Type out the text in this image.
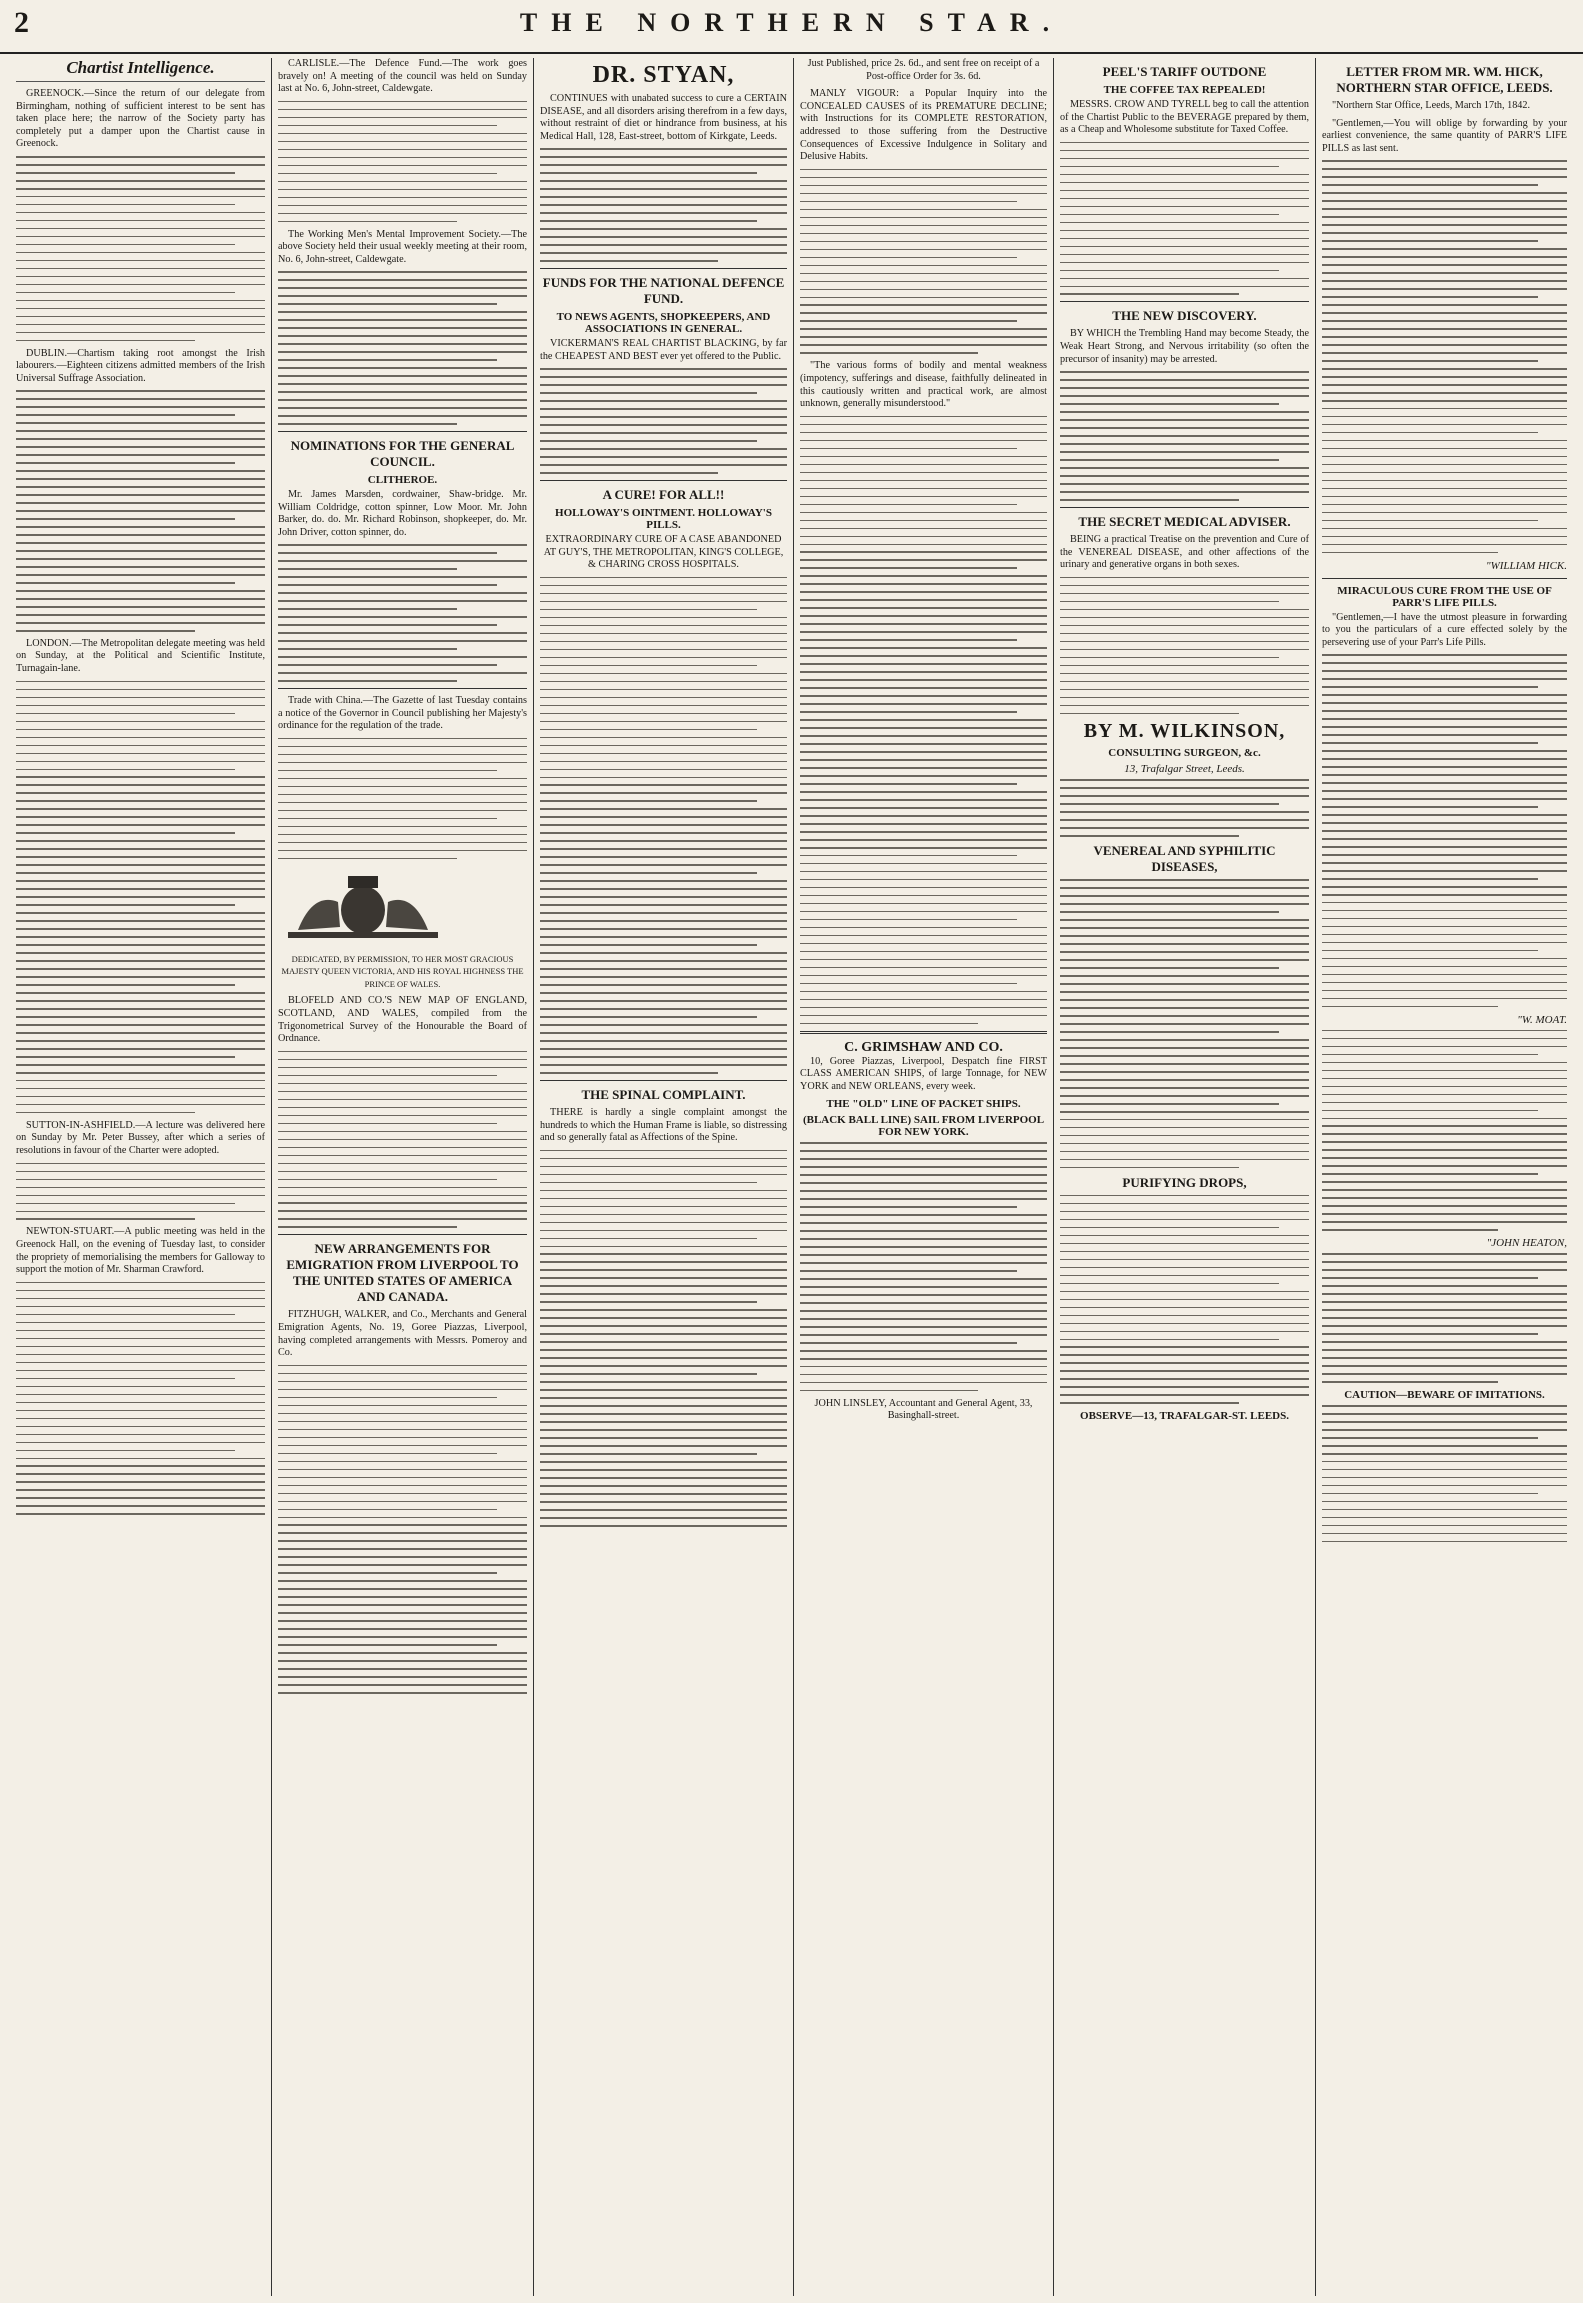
2	THE NORTHERN STAR.
Chartist Intelligence.

GREENOCK.—Since the return of our delegate from Birmingham, nothing of sufficient interest to be sent has taken place here; the narrow of the Society party has completely put a damper upon the Chartist cause in Greenock.

DUBLIN.—Chartism taking root amongst the Irish labourers.—Eighteen citizens admitted members of the Irish Universal Suffrage Association.

LONDON.—The Metropolitan delegate meeting was held on Sunday, at the Political and Scientific Institute, Turnagain-lane.

SUTTON-IN-ASHFIELD.—A lecture was delivered here on Sunday by Mr. Peter Bussey, after which a series of resolutions in favour of the Charter were adopted.

NEWTON-STUART.—A public meeting was held in the Greenock Hall, on the evening of Tuesday last, to consider the propriety of memorialising the members for Galloway to support the motion of Mr. Sharman Crawford.

CARLISLE.—The Defence Fund.—The work goes bravely on! A meeting of the council was held on Sunday last at No. 6, John-street, Caldewgate.

The Working Men's Mental Improvement Society.—The above Society held their usual weekly meeting at their room, No. 6, John-street, Caldewgate.

NOMINATIONS FOR THE GENERAL COUNCIL.
CLITHEROE.

Mr. James Marsden, cordwainer, Shaw-bridge. Mr. William Coldridge, cotton spinner, Low Moor. Mr. John Barker, do. do. Mr. Richard Robinson, shopkeeper, do. Mr. John Driver, cotton spinner, do.

Trade with China.—The Gazette of last Tuesday contains a notice of the Governor in Council publishing her Majesty's ordinance for the regulation of the trade.

DEDICATED, BY PERMISSION, TO HER MOST GRACIOUS MAJESTY QUEEN VICTORIA, AND HIS ROYAL HIGHNESS THE PRINCE OF WALES.

BLOFELD AND CO.'S NEW MAP OF ENGLAND, SCOTLAND, AND WALES, compiled from the Trigonometrical Survey of the Honourable the Board of Ordnance.

NEW ARRANGEMENTS FOR EMIGRATION FROM LIVERPOOL TO THE UNITED STATES OF AMERICA AND CANADA.

FITZHUGH, WALKER, and Co., Merchants and General Emigration Agents, No. 19, Goree Piazzas, Liverpool, having completed arrangements with Messrs. Pomeroy and Co.

DR. STYAN,

CONTINUES with unabated success to cure a CERTAIN DISEASE, and all disorders arising therefrom in a few days, without restraint of diet or hindrance from business, at his Medical Hall, 128, East-street, bottom of Kirkgate, Leeds.

FUNDS FOR THE NATIONAL DEFENCE FUND.
TO NEWS AGENTS, SHOPKEEPERS, AND ASSOCIATIONS IN GENERAL.

VICKERMAN'S REAL CHARTIST BLACKING, by far the CHEAPEST AND BEST ever yet offered to the Public.

A CURE! FOR ALL!!
HOLLOWAY'S OINTMENT. HOLLOWAY'S PILLS.

EXTRAORDINARY CURE OF A CASE ABANDONED AT GUY'S, THE METROPOLITAN, KING'S COLLEGE, & CHARING CROSS HOSPITALS.

THE SPINAL COMPLAINT.

THERE is hardly a single complaint amongst the hundreds to which the Human Frame is liable, so distressing and so generally fatal as Affections of the Spine.

Just Published, price 2s. 6d., and sent free on receipt of a Post-office Order for 3s. 6d.

MANLY VIGOUR: a Popular Inquiry into the CONCEALED CAUSES of its PREMATURE DECLINE; with Instructions for its COMPLETE RESTORATION, addressed to those suffering from the Destructive Consequences of Excessive Indulgence in Solitary and Delusive Habits.

"The various forms of bodily and mental weakness (impotency, sufferings and disease, faithfully delineated in this cautiously written and practical work, are almost unknown, generally misunderstood."

C. GRIMSHAW AND CO.

10, Goree Piazzas, Liverpool, Despatch fine FIRST CLASS AMERICAN SHIPS, of large Tonnage, for NEW YORK and NEW ORLEANS, every week.

THE "OLD" LINE OF PACKET SHIPS.
(BLACK BALL LINE) SAIL FROM LIVERPOOL FOR NEW YORK.

JOHN LINSLEY, Accountant and General Agent, 33, Basinghall-street.

PEEL'S TARIFF OUTDONE
THE COFFEE TAX REPEALED!

MESSRS. CROW AND TYRELL beg to call the attention of the Chartist Public to the BEVERAGE prepared by them, as a Cheap and Wholesome substitute for Taxed Coffee.

THE NEW DISCOVERY.

BY WHICH the Trembling Hand may become Steady, the Weak Heart Strong, and Nervous irritability (so often the precursor of insanity) may be arrested.

THE SECRET MEDICAL ADVISER.

BEING a practical Treatise on the prevention and Cure of the VENEREAL DISEASE, and other affections of the urinary and generative organs in both sexes.

BY M. WILKINSON,
CONSULTING SURGEON, &c.
13, Trafalgar Street, Leeds.
VENEREAL AND SYPHILITIC DISEASES,
PURIFYING DROPS,
OBSERVE—13, TRAFALGAR-ST. LEEDS.
LETTER FROM MR. WM. HICK, NORTHERN STAR OFFICE, LEEDS.

"Northern Star Office, Leeds, March 17th, 1842.

"Gentlemen,—You will oblige by forwarding by your earliest convenience, the same quantity of PARR'S LIFE PILLS as last sent.

"WILLIAM HICK.
MIRACULOUS CURE FROM THE USE OF PARR'S LIFE PILLS.

"Gentlemen,—I have the utmost pleasure in forwarding to you the particulars of a cure effected solely by the persevering use of your Parr's Life Pills.

"W. MOAT.
"JOHN HEATON,
CAUTION—BEWARE OF IMITATIONS.
